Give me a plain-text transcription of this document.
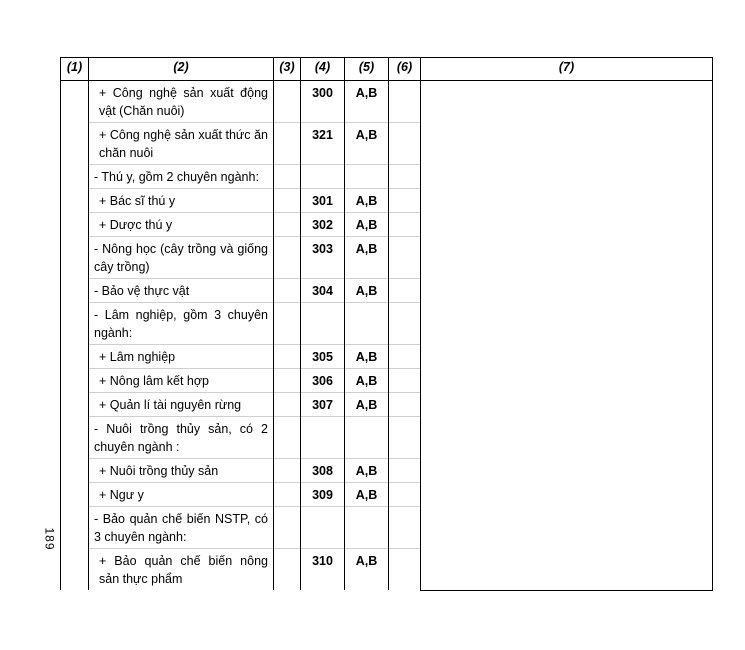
189
(1)	(2)	(3)	(4)	(5)	(6)	(7)
	+ Công nghệ sản xuất động vật (Chăn nuôi)		300	A,B		
	+ Công nghệ sản xuất thức ăn chăn nuôi		321	A,B		
	- Thú y, gồm 2 chuyên ngành:					
	+ Bác sĩ thú y		301	A,B		
	+ Dược thú y		302	A,B		
	- Nông học (cây trồng và giống cây trồng)		303	A,B		
	- Bảo vệ thực vật		304	A,B		
	- Lâm nghiệp, gồm 3 chuyên ngành:					
	+ Lâm nghiệp		305	A,B		
	+ Nông lâm kết hợp		306	A,B		
	+ Quản lí tài nguyên rừng		307	A,B		
	- Nuôi trồng thủy sản, có 2 chuyên ngành :					
	+ Nuôi trồng thủy sản		308	A,B		
	+ Ngư y		309	A,B		
	- Bảo quản chế biến NSTP, có 3 chuyên ngành:					
	+ Bảo quản chế biến nông sản thực phẩm		310	A,B		
